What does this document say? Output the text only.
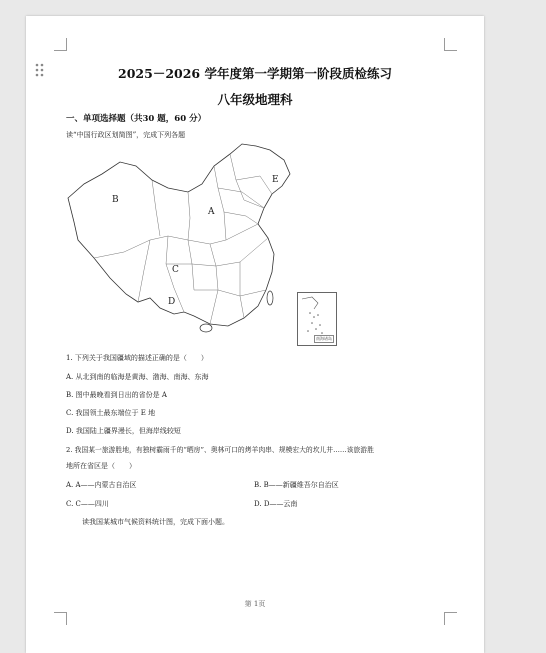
2025－2026 学年度第一学期第一阶段质检练习
八年级地理科
一、单项选择题（共30 题，60 分）
读“中国行政区划简图”，完成下列各题
B
A
C
D
E
南海诸岛
1. 下列关于我国疆域的描述正确的是（　　）
A. 从北到南的临海是黄海、渤海、南海、东海
B. 图中最晚看到日出的省份是 A
C. 我国领土最东端位于 E 地
D. 我国陆上疆界漫长，但海岸线较短
2. 我国某一旅游胜地，有独树霸雨千的“晒房”、奥林可口的烤羊肉串、规模宏大的坎儿井……该旅游胜
地所在省区是（　　）
A. A——内蒙古自治区	B. B——新疆维吾尔自治区
C. C——四川	D. D——云南
读我国某城市气候资料统计图，完成下面小题。
第 1页
